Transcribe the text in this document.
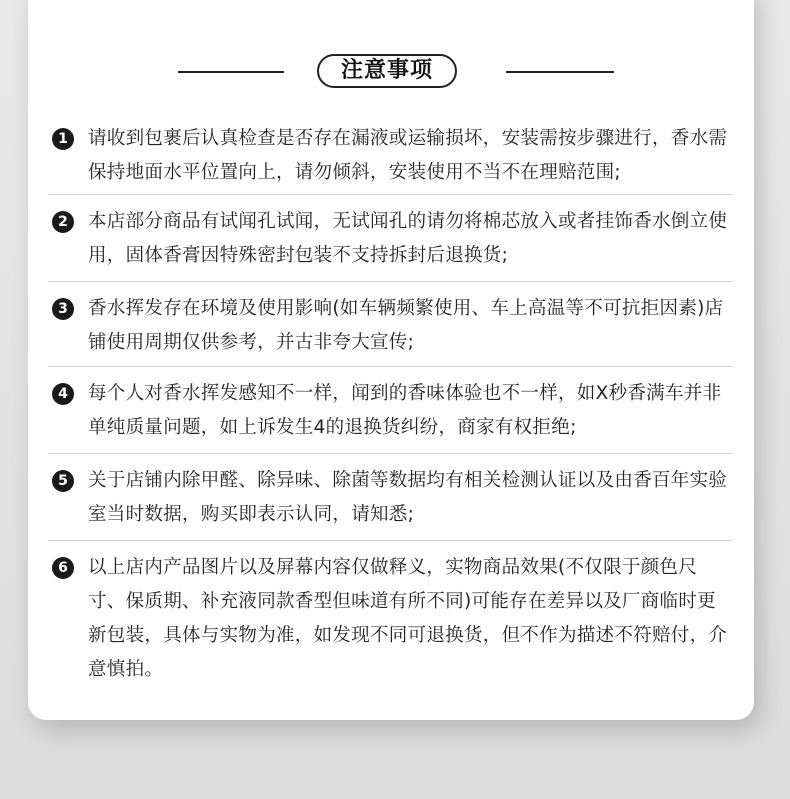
注意事项
1	请收到包裹后认真检查是否存在漏液或运输损坏，安装需按步骤进行，香水需保持地面水平位置向上，请勿倾斜，安装使用不当不在理赔范围;
2	本店部分商品有试闻孔试闻，无试闻孔的请勿将棉芯放入或者挂饰香水倒立使用，固体香膏因特殊密封包装不支持拆封后退换货;
3	香水挥发存在环境及使用影响(如车辆频繁使用、车上高温等不可抗拒因素)店铺使用周期仅供参考，并古非夸大宣传;
4	每个人对香水挥发感知不一样，闻到的香味体验也不一样，如X秒香满车并非单纯质量问题，如上诉发生4的退换货纠纷，商家有权拒绝;
5	关于店铺内除甲醛、除异味、除菌等数据均有相关检测认证以及由香百年实验室当时数据，购买即表示认同，请知悉;
6	以上店内产品图片以及屏幕内容仅做释义，实物商品效果(不仅限于颜色尺寸、保质期、补充液同款香型但味道有所不同)可能存在差异以及厂商临时更新包装，具体与实物为准，如发现不同可退换货，但不作为描述不符赔付，介意慎拍。
